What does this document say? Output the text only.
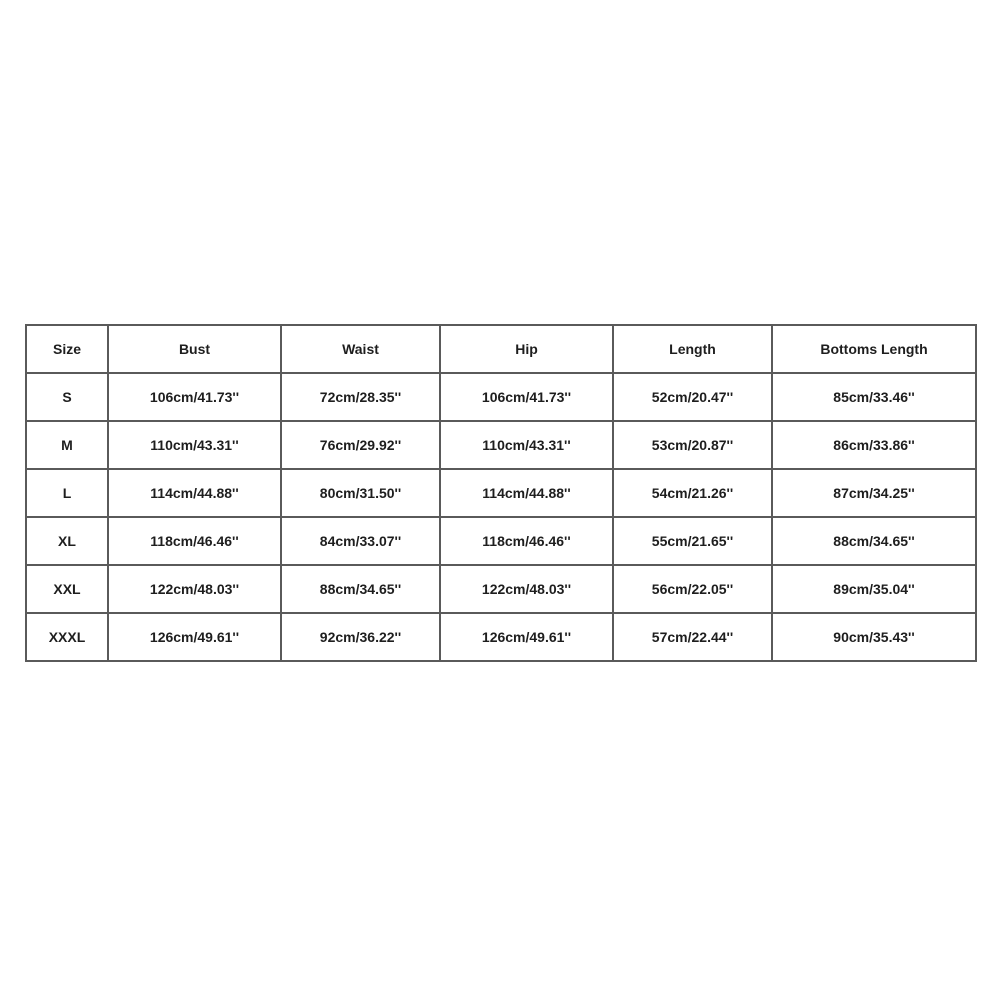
Size	Bust	Waist	Hip	Length	Bottoms Length
S	106cm/41.73''	72cm/28.35''	106cm/41.73''	52cm/20.47''	85cm/33.46''
M	110cm/43.31''	76cm/29.92''	110cm/43.31''	53cm/20.87''	86cm/33.86''
L	114cm/44.88''	80cm/31.50''	114cm/44.88''	54cm/21.26''	87cm/34.25''
XL	118cm/46.46''	84cm/33.07''	118cm/46.46''	55cm/21.65''	88cm/34.65''
XXL	122cm/48.03''	88cm/34.65''	122cm/48.03''	56cm/22.05''	89cm/35.04''
XXXL	126cm/49.61''	92cm/36.22''	126cm/49.61''	57cm/22.44''	90cm/35.43''
